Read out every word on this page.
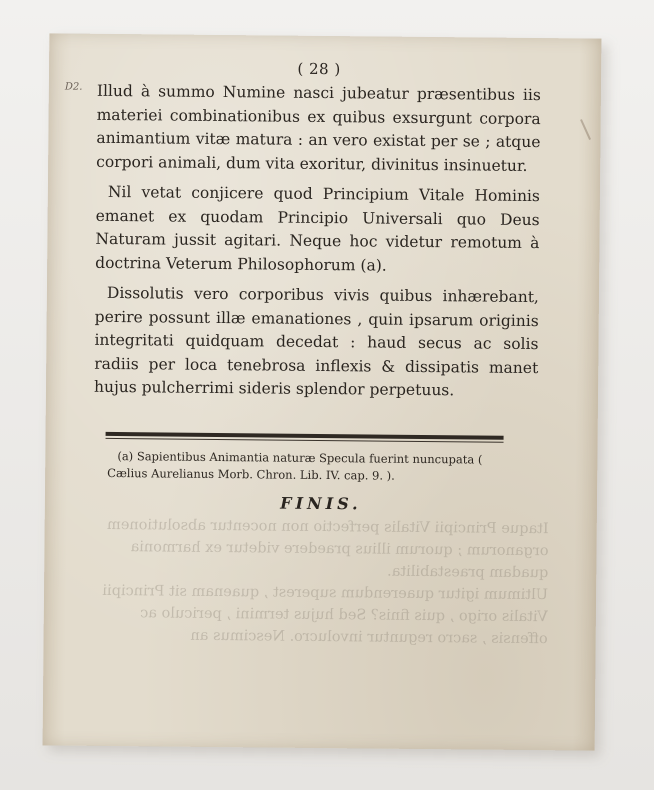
D2.
( 28 )

Illud à summo Numine nasci jubeatur præsentibus iis materiei combinationibus ex quibus exsurgunt corpora animantium vitæ matura : an vero existat per se ; atque corpori animali, dum vita exoritur, divinitus insinuetur.

Nil vetat conjicere quod Principium Vitale Hominis emanet ex quodam Principio Universali quo Deus Naturam jussit agitari. Neque hoc videtur remotum à doctrina Veterum Philosophorum (a).

Dissolutis vero corporibus vivis quibus inhærebant, perire possunt illæ emanationes , quin ipsarum originis integritati quidquam decedat : haud secus ac solis radiis per loca tenebrosa inflexis & dissipatis manet hujus pulcherrimi sideris splendor perpetuus.

(a) Sapientibus Animantia naturæ Specula fuerint nuncupata ( Cælius Aurelianus Morb. Chron. Lib. IV. cap. 9. ).
FINIS.
Itaque Principii Vitalis perfectio non nocentur absolutionem organorum ; quorum illius praedere videtur ex harmonia quadam praestabilita.
Ultimum igitur quaerendum superest , quaenam sit Principii Vitalis origo , quis finis? Sed hujus termini , periculo ac offensis , sacro reguntur involucro. Nescimus an
